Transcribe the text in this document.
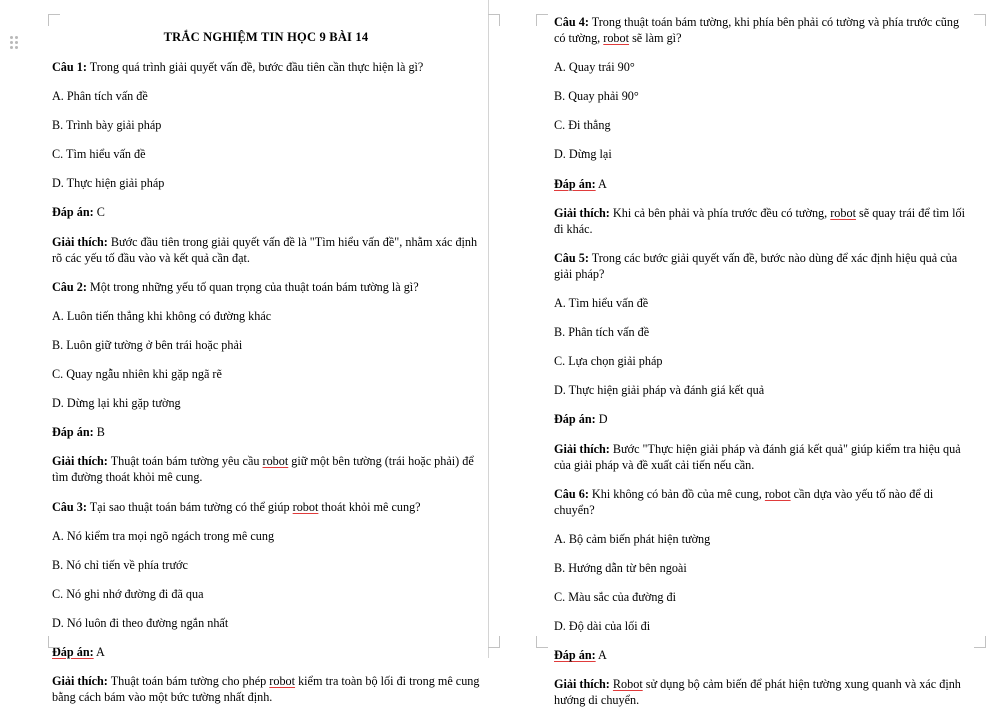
TRẮC NGHIỆM TIN HỌC 9 BÀI 14

Câu 1: Trong quá trình giải quyết vấn đề, bước đầu tiên cần thực hiện là gì?

A. Phân tích vấn đề

B. Trình bày giải pháp

C. Tìm hiểu vấn đề

D. Thực hiện giải pháp

Đáp án: C

Giải thích: Bước đầu tiên trong giải quyết vấn đề là "Tìm hiểu vấn đề", nhằm xác định rõ các yếu tố đầu vào và kết quả cần đạt.

Câu 2: Một trong những yếu tố quan trọng của thuật toán bám tường là gì?

A. Luôn tiến thẳng khi không có đường khác

B. Luôn giữ tường ở bên trái hoặc phải

C. Quay ngẫu nhiên khi gặp ngã rẽ

D. Dừng lại khi gặp tường

Đáp án: B

Giải thích: Thuật toán bám tường yêu cầu robot giữ một bên tường (trái hoặc phải) để tìm đường thoát khỏi mê cung.

Câu 3: Tại sao thuật toán bám tường có thể giúp robot thoát khỏi mê cung?

A. Nó kiểm tra mọi ngõ ngách trong mê cung

B. Nó chỉ tiến về phía trước

C. Nó ghi nhớ đường đi đã qua

D. Nó luôn đi theo đường ngắn nhất

Đáp án: A

Giải thích: Thuật toán bám tường cho phép robot kiểm tra toàn bộ lối đi trong mê cung bằng cách bám vào một bức tường nhất định.

Câu 4: Trong thuật toán bám tường, khi phía bên phải có tường và phía trước cũng có tường, robot sẽ làm gì?

A. Quay trái 90°

B. Quay phải 90°

C. Đi thẳng

D. Dừng lại

Đáp án: A

Giải thích: Khi cả bên phải và phía trước đều có tường, robot sẽ quay trái để tìm lối đi khác.

Câu 5: Trong các bước giải quyết vấn đề, bước nào dùng để xác định hiệu quả của giải pháp?

A. Tìm hiểu vấn đề

B. Phân tích vấn đề

C. Lựa chọn giải pháp

D. Thực hiện giải pháp và đánh giá kết quả

Đáp án: D

Giải thích: Bước "Thực hiện giải pháp và đánh giá kết quả" giúp kiểm tra hiệu quả của giải pháp và đề xuất cải tiến nếu cần.

Câu 6: Khi không có bản đồ của mê cung, robot cần dựa vào yếu tố nào để di chuyển?

A. Bộ cảm biến phát hiện tường

B. Hướng dẫn từ bên ngoài

C. Màu sắc của đường đi

D. Độ dài của lối đi

Đáp án: A

Giải thích: Robot sử dụng bộ cảm biến để phát hiện tường xung quanh và xác định hướng di chuyển.
